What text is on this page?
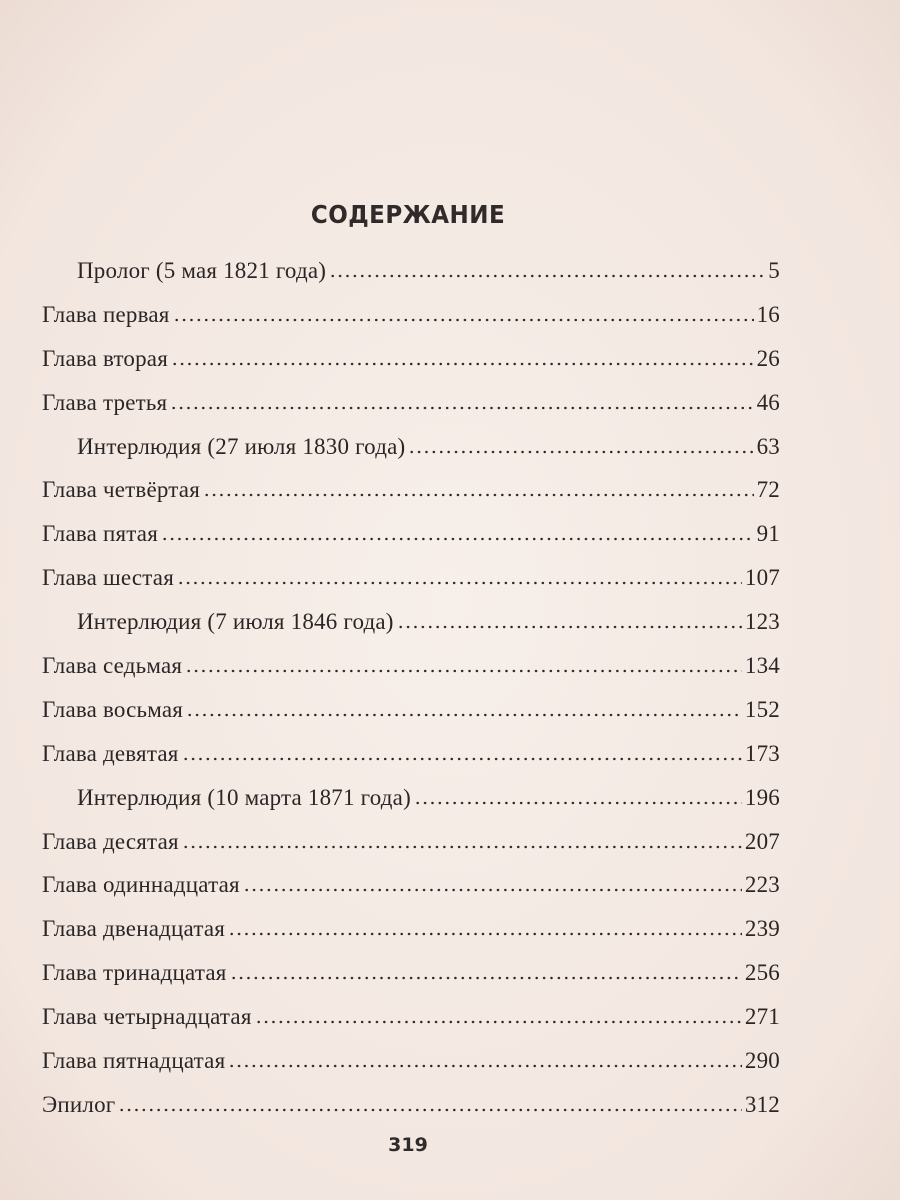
СОДЕРЖАНИЕ
Пролог (5 мая 1821 года)	5
Глава первая	16
Глава вторая	26
Глава третья	46
Интерлюдия (27 июля 1830 года)	63
Глава четвёртая	72
Глава пятая	91
Глава шестая	107
Интерлюдия (7 июля 1846 года)	123
Глава седьмая	134
Глава восьмая	152
Глава девятая	173
Интерлюдия (10 марта 1871 года)	196
Глава десятая	207
Глава одиннадцатая	223
Глава двенадцатая	239
Глава тринадцатая	256
Глава четырнадцатая	271
Глава пятнадцатая	290
Эпилог	312
319
